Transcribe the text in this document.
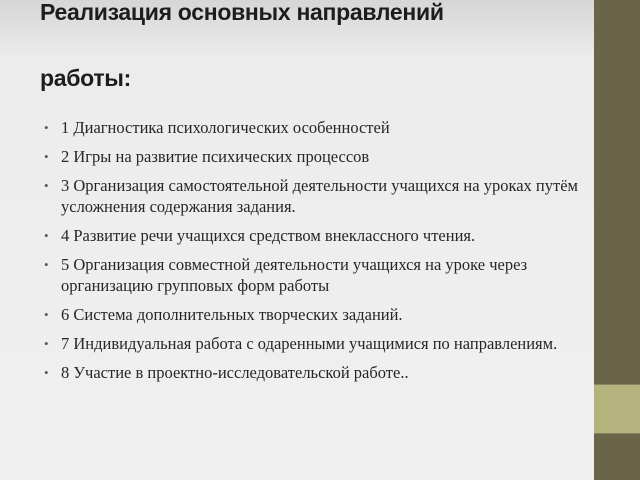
Реализация основных направлений
работы:
• 1 Диагностика психологических особенностей
• 2 Игры на развитие психических процессов
• 3 Организация самостоятельной деятельности учащихся на уроках путём усложнения содержания задания.
• 4 Развитие речи учащихся средством внеклассного чтения.
• 5 Организация совместной деятельности учащихся на уроке через организацию групповых форм работы
• 6 Система дополнительных творческих заданий.
• 7 Индивидуальная работа с одаренными учащимися по направлениям.
• 8 Участие в проектно-исследовательской работе..
